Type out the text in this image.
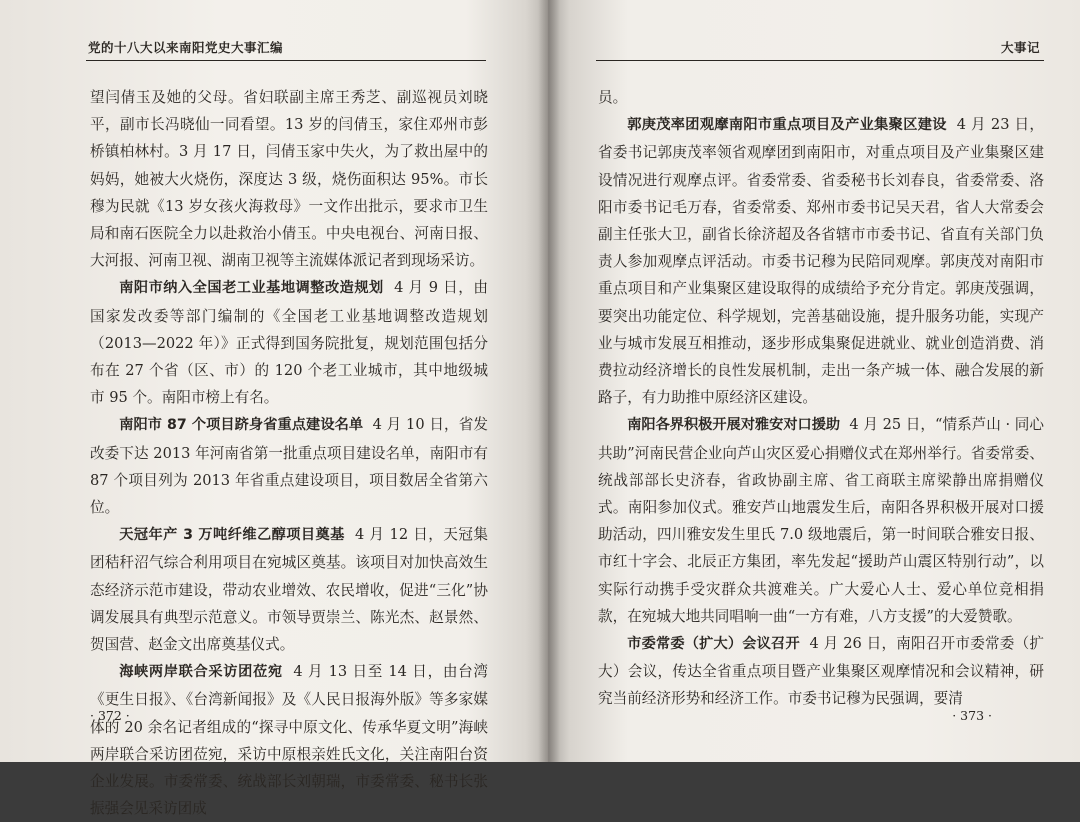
党的十八大以来南阳党史大事汇编

望闫倩玉及她的父母。省妇联副主席王秀芝、副巡视员刘晓平，副市长冯晓仙一同看望。13 岁的闫倩玉，家住邓州市彭桥镇柏林村。3 月 17 日，闫倩玉家中失火，为了救出屋中的妈妈，她被大火烧伤，深度达 3 级，烧伤面积达 95%。市长穆为民就《13 岁女孩火海救母》一文作出批示，要求市卫生局和南石医院全力以赴救治小倩玉。中央电视台、河南日报、大河报、河南卫视、湖南卫视等主流媒体派记者到现场采访。

南阳市纳入全国老工业基地调整改造规划 4 月 9 日，由国家发改委等部门编制的《全国老工业基地调整改造规划（2013—2022 年）》正式得到国务院批复，规划范围包括分布在 27 个省（区、市）的 120 个老工业城市，其中地级城市 95 个。南阳市榜上有名。

南阳市 87 个项目跻身省重点建设名单 4 月 10 日，省发改委下达 2013 年河南省第一批重点项目建设名单，南阳市有 87 个项目列为 2013 年省重点建设项目，项目数居全省第六位。

天冠年产 3 万吨纤维乙醇项目奠基 4 月 12 日，天冠集团秸秆沼气综合利用项目在宛城区奠基。该项目对加快高效生态经济示范市建设，带动农业增效、农民增收，促进“三化”协调发展具有典型示范意义。市领导贾崇兰、陈光杰、赵景然、贺国营、赵金文出席奠基仪式。

海峡两岸联合采访团莅宛 4 月 13 日至 14 日，由台湾《更生日报》、《台湾新闻报》及《人民日报海外版》等多家媒体的 20 余名记者组成的“探寻中原文化、传承华夏文明”海峡两岸联合采访团莅宛，采访中原根亲姓氏文化，关注南阳台资企业发展。市委常委、统战部长刘朝瑞，市委常委、秘书长张振强会见采访团成

· 372 ·
大事记

员。

郭庚茂率团观摩南阳市重点项目及产业集聚区建设 4 月 23 日，省委书记郭庚茂率领省观摩团到南阳市，对重点项目及产业集聚区建设情况进行观摩点评。省委常委、省委秘书长刘春良，省委常委、洛阳市委书记毛万春，省委常委、郑州市委书记吴天君，省人大常委会副主任张大卫，副省长徐济超及各省辖市市委书记、省直有关部门负责人参加观摩点评活动。市委书记穆为民陪同观摩。郭庚茂对南阳市重点项目和产业集聚区建设取得的成绩给予充分肯定。郭庚茂强调，要突出功能定位、科学规划，完善基础设施，提升服务功能，实现产业与城市发展互相推动，逐步形成集聚促进就业、就业创造消费、消费拉动经济增长的良性发展机制，走出一条产城一体、融合发展的新路子，有力助推中原经济区建设。

南阳各界积极开展对雅安对口援助 4 月 25 日，“情系芦山 · 同心共助”河南民营企业向芦山灾区爱心捐赠仪式在郑州举行。省委常委、统战部部长史济春，省政协副主席、省工商联主席梁静出席捐赠仪式。南阳参加仪式。雅安芦山地震发生后，南阳各界积极开展对口援助活动，四川雅安发生里氏 7.0 级地震后，第一时间联合雅安日报、市红十字会、北辰正方集团，率先发起“援助芦山震区特别行动”，以实际行动携手受灾群众共渡难关。广大爱心人士、爱心单位竞相捐款，在宛城大地共同唱响一曲“一方有难，八方支援”的大爱赞歌。

市委常委（扩大）会议召开 4 月 26 日，南阳召开市委常委（扩大）会议，传达全省重点项目暨产业集聚区观摩情况和会议精神，研究当前经济形势和经济工作。市委书记穆为民强调，要清

· 373 ·
